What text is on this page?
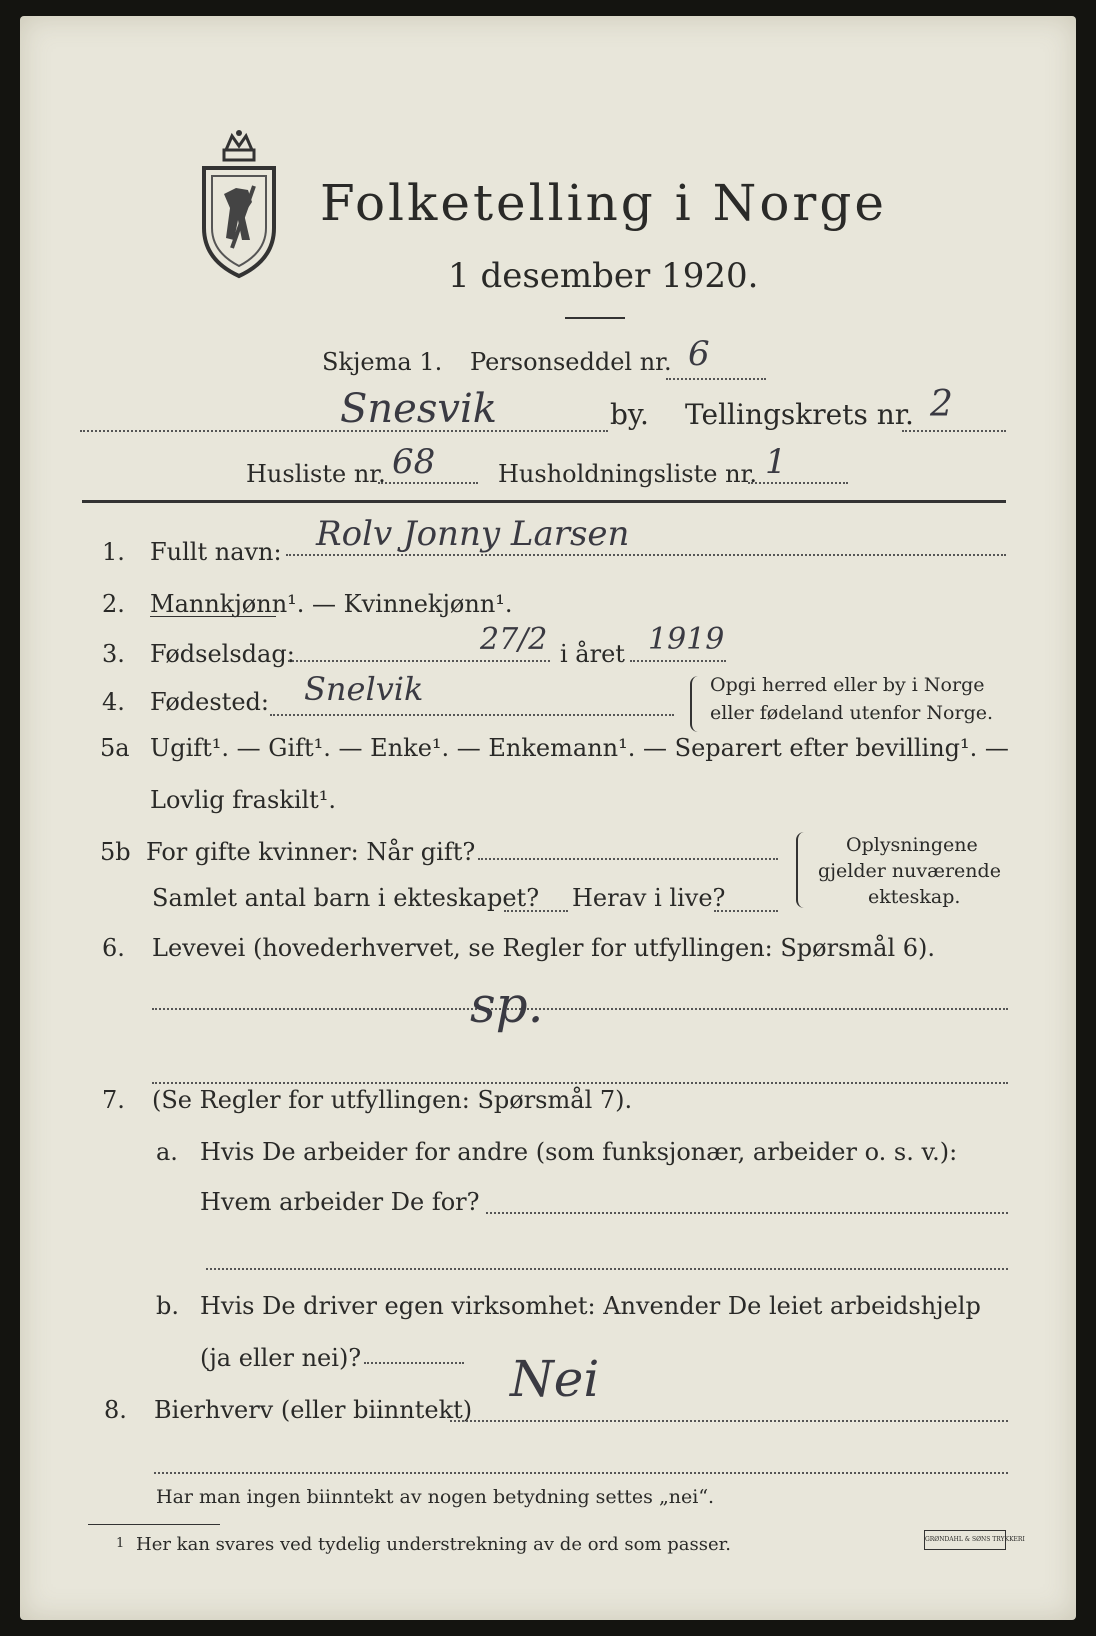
Folketelling i Norge
1 desember 1920.
Skjema 1. Personseddel nr. 6
Snesvik	by. Tellingskrets nr. 2
Husliste nr. 68	Husholdningsliste nr. 1
1. Fullt navn: Rolv Jonny Larsen
2. Mannkjønn¹. — Kvinnekjønn¹.
3. Fødselsdag:	27/2 i året 1919
4. Fødested: Snelvik	Opgi herred eller by i Norge
eller fødeland utenfor Norge.
5a Ugift¹. — Gift¹. — Enke¹. — Enkemann¹. — Separert efter bevilling¹. —
Lovlig fraskilt¹.
5b For gifte kvinner: Når gift?
Samlet antal barn i ekteskapet? Herav i live?
Oplysningene
gjelder nuværende
ekteskap.
6. Levevei (hovederhvervet, se Regler for utfyllingen: Spørsmål 6).
sp.
7. (Se Regler for utfyllingen: Spørsmål 7).
a. Hvis De arbeider for andre (som funksjonær, arbeider o. s. v.):
Hvem arbeider De for?
b. Hvis De driver egen virksomhet: Anvender De leiet arbeidshjelp
(ja eller nei)?
8. Bierhverv (eller biinntekt)
Nei
Har man ingen biinntekt av nogen betydning settes „nei“.
1 Her kan svares ved tydelig understrekning av de ord som passer.	GRØNDAHL & SØNS TRYKKERI
